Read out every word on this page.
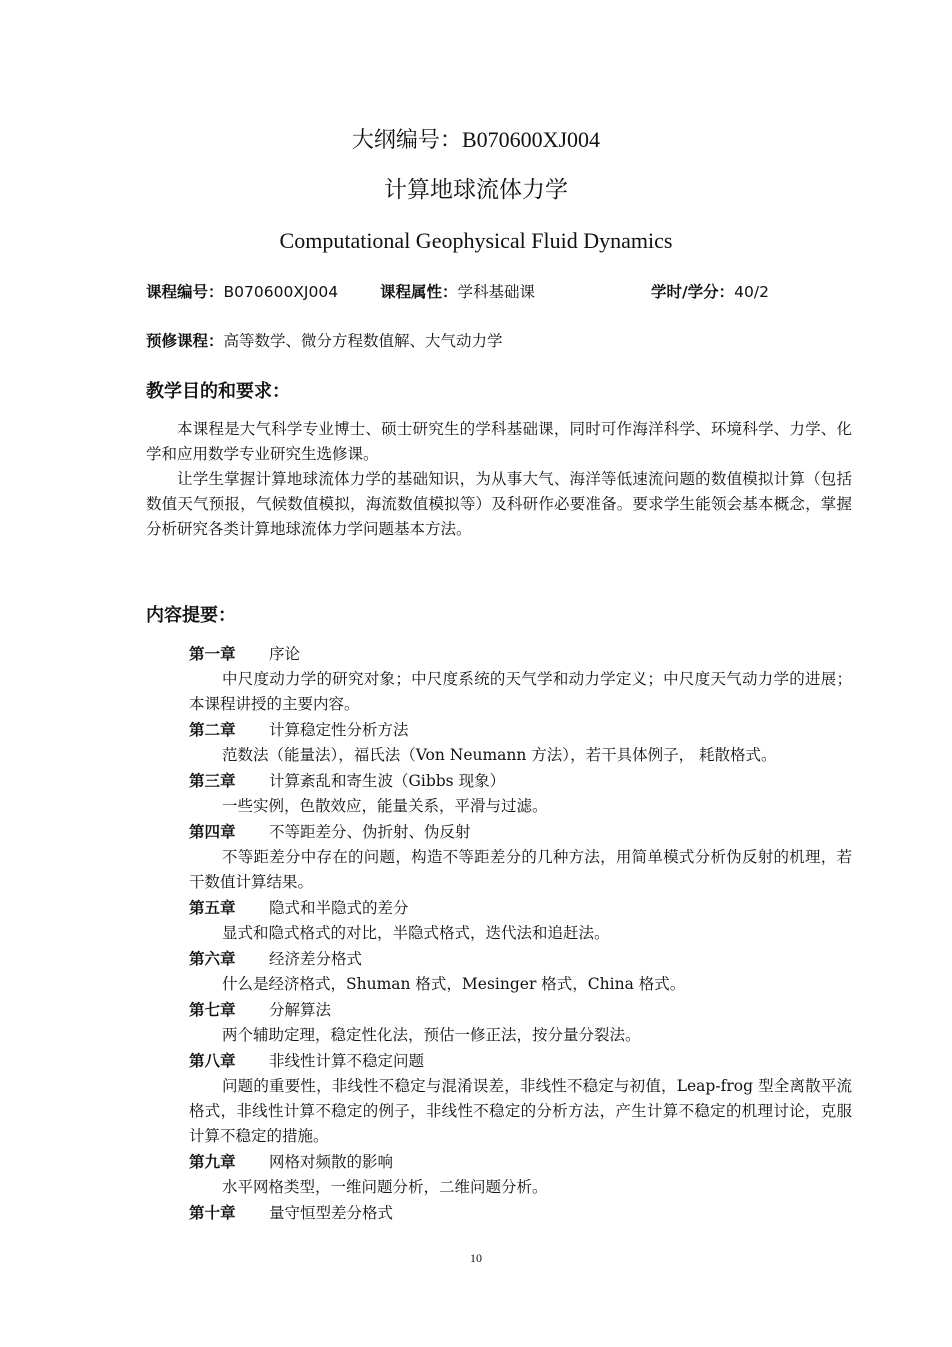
大纲编号：B070600XJ004
计算地球流体力学
Computational Geophysical Fluid Dynamics
课程编号：B070600XJ004	课程属性：学科基础课	学时/学分：40/2
预修课程：高等数学、微分方程数值解、大气动力学
教学目的和要求：

本课程是大气科学专业博士、硕士研究生的学科基础课，同时可作海洋科学、环境科学、力学、化学和应用数学专业研究生选修课。

让学生掌握计算地球流体力学的基础知识，为从事大气、海洋等低速流问题的数值模拟计算（包括数值天气预报，气候数值模拟，海流数值模拟等）及科研作必要准备。要求学生能领会基本概念，掌握分析研究各类计算地球流体力学问题基本方法。

内容提要：
第一章 序论

中尺度动力学的研究对象；中尺度系统的天气学和动力学定义；中尺度天气动力学的进展；本课程讲授的主要内容。

第二章 计算稳定性分析方法

范数法（能量法），福氏法（Von Neumann 方法），若干具体例子， 耗散格式。

第三章 计算紊乱和寄生波（Gibbs 现象）

一些实例，色散效应，能量关系，平滑与过滤。

第四章 不等距差分、伪折射、伪反射

不等距差分中存在的问题，构造不等距差分的几种方法，用简单模式分析伪反射的机理，若干数值计算结果。

第五章 隐式和半隐式的差分

显式和隐式格式的对比，半隐式格式，迭代法和追赶法。

第六章 经济差分格式

什么是经济格式，Shuman 格式，Mesinger 格式，China 格式。

第七章 分解算法

两个辅助定理，稳定性化法，预估一修正法，按分量分裂法。

第八章 非线性计算不稳定问题

问题的重要性，非线性不稳定与混淆误差，非线性不稳定与初值，Leap-frog 型全离散平流格式，非线性计算不稳定的例子，非线性不稳定的分析方法，产生计算不稳定的机理讨论，克服计算不稳定的措施。

第九章 网格对频散的影响

水平网格类型，一维问题分析，二维问题分析。

第十章 量守恒型差分格式
10
